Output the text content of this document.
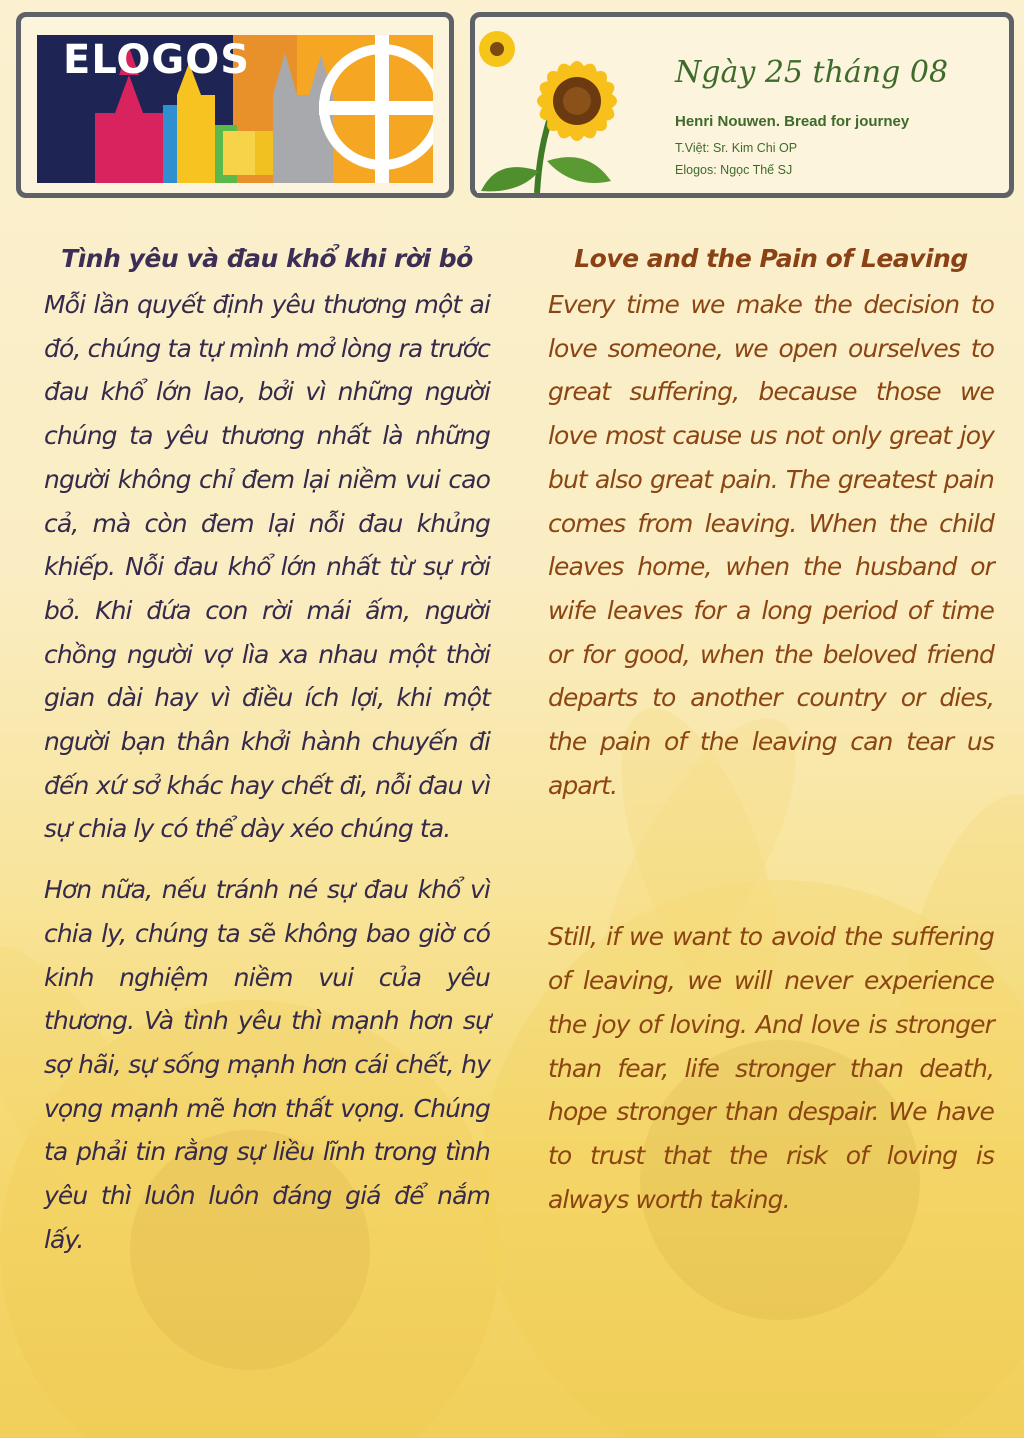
ELOGOS	Ngày 25 tháng 08
Henri Nouwen. Bread for journey
T.Việt: Sr. Kim Chi OP
Elogos: Ngọc Thế SJ
Tình yêu và đau khổ khi rời bỏ

Mỗi lần quyết định yêu thương một ai đó, chúng ta tự mình mở lòng ra trước đau khổ lớn lao, bởi vì những người chúng ta yêu thương nhất là những người không chỉ đem lại niềm vui cao cả, mà còn đem lại nỗi đau khủng khiếp. Nỗi đau khổ lớn nhất từ sự rời bỏ. Khi đứa con rời mái ấm, người chồng người vợ lìa xa nhau một thời gian dài hay vì điều ích lợi, khi một người bạn thân khởi hành chuyến đi đến xứ sở khác hay chết đi, nỗi đau vì sự chia ly có thể dày xéo chúng ta.

Hơn nữa, nếu tránh né sự đau khổ vì chia ly, chúng ta sẽ không bao giờ có kinh nghiệm niềm vui của yêu thương. Và tình yêu thì mạnh hơn sự sợ hãi, sự sống mạnh hơn cái chết, hy vọng mạnh mẽ hơn thất vọng. Chúng ta phải tin rằng sự liều lĩnh trong tình yêu thì luôn luôn đáng giá để nắm lấy.

Love and the Pain of Leaving

Every time we make the decision to love someone, we open ourselves to great suffering, because those we love most cause us not only great joy but also great pain. The greatest pain comes from leaving. When the child leaves home, when the husband or wife leaves for a long period of time or for good, when the beloved friend departs to another country or dies, the pain of the leaving can tear us apart.

Still, if we want to avoid the suffering of leaving, we will never experience the joy of loving. And love is stronger than fear, life stronger than death, hope stronger than despair. We have to trust that the risk of loving is always worth taking.
